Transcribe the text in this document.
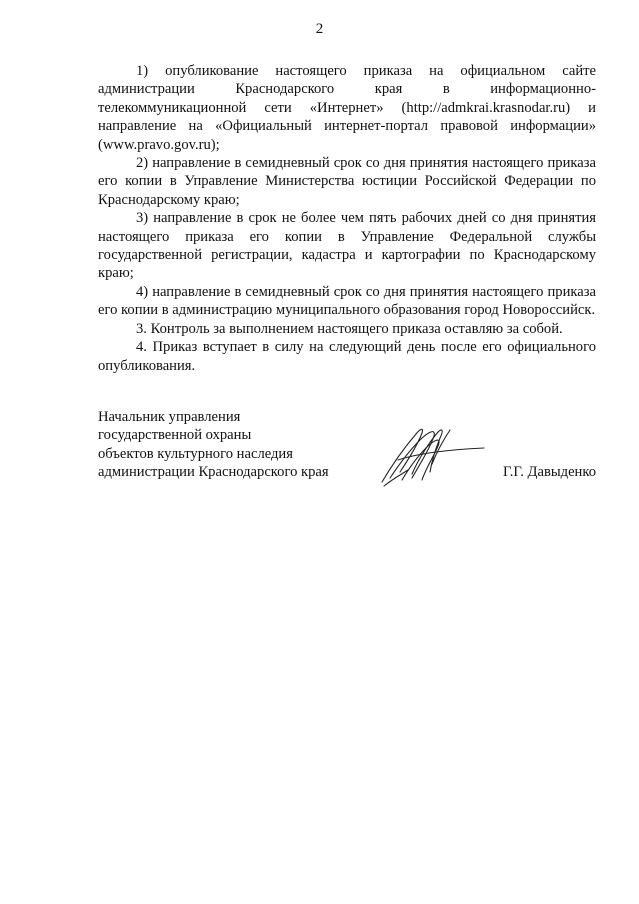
2

1) опубликование настоящего приказа на официальном сайте администрации Краснодарского края в информационно-телекоммуникационной сети «Интернет» (http://admkrai.krasnodar.ru) и направление на «Официальный интернет-портал правовой информации» (www.pravo.gov.ru);

2) направление в семидневный срок со дня принятия настоящего приказа его копии в Управление Министерства юстиции Российской Федерации по Краснодарскому краю;

3) направление в срок не более чем пять рабочих дней со дня принятия настоящего приказа его копии в Управление Федеральной службы государственной регистрации, кадастра и картографии по Краснодарскому краю;

4) направление в семидневный срок со дня принятия настоящего приказа его копии в администрацию муниципального образования город Новороссийск.

3. Контроль за выполнением настоящего приказа оставляю за собой.

4. Приказ вступает в силу на следующий день после его официального опубликования.

Начальник управления
государственной охраны
объектов культурного наследия
администрации Краснодарского края	Г.Г. Давыденко
